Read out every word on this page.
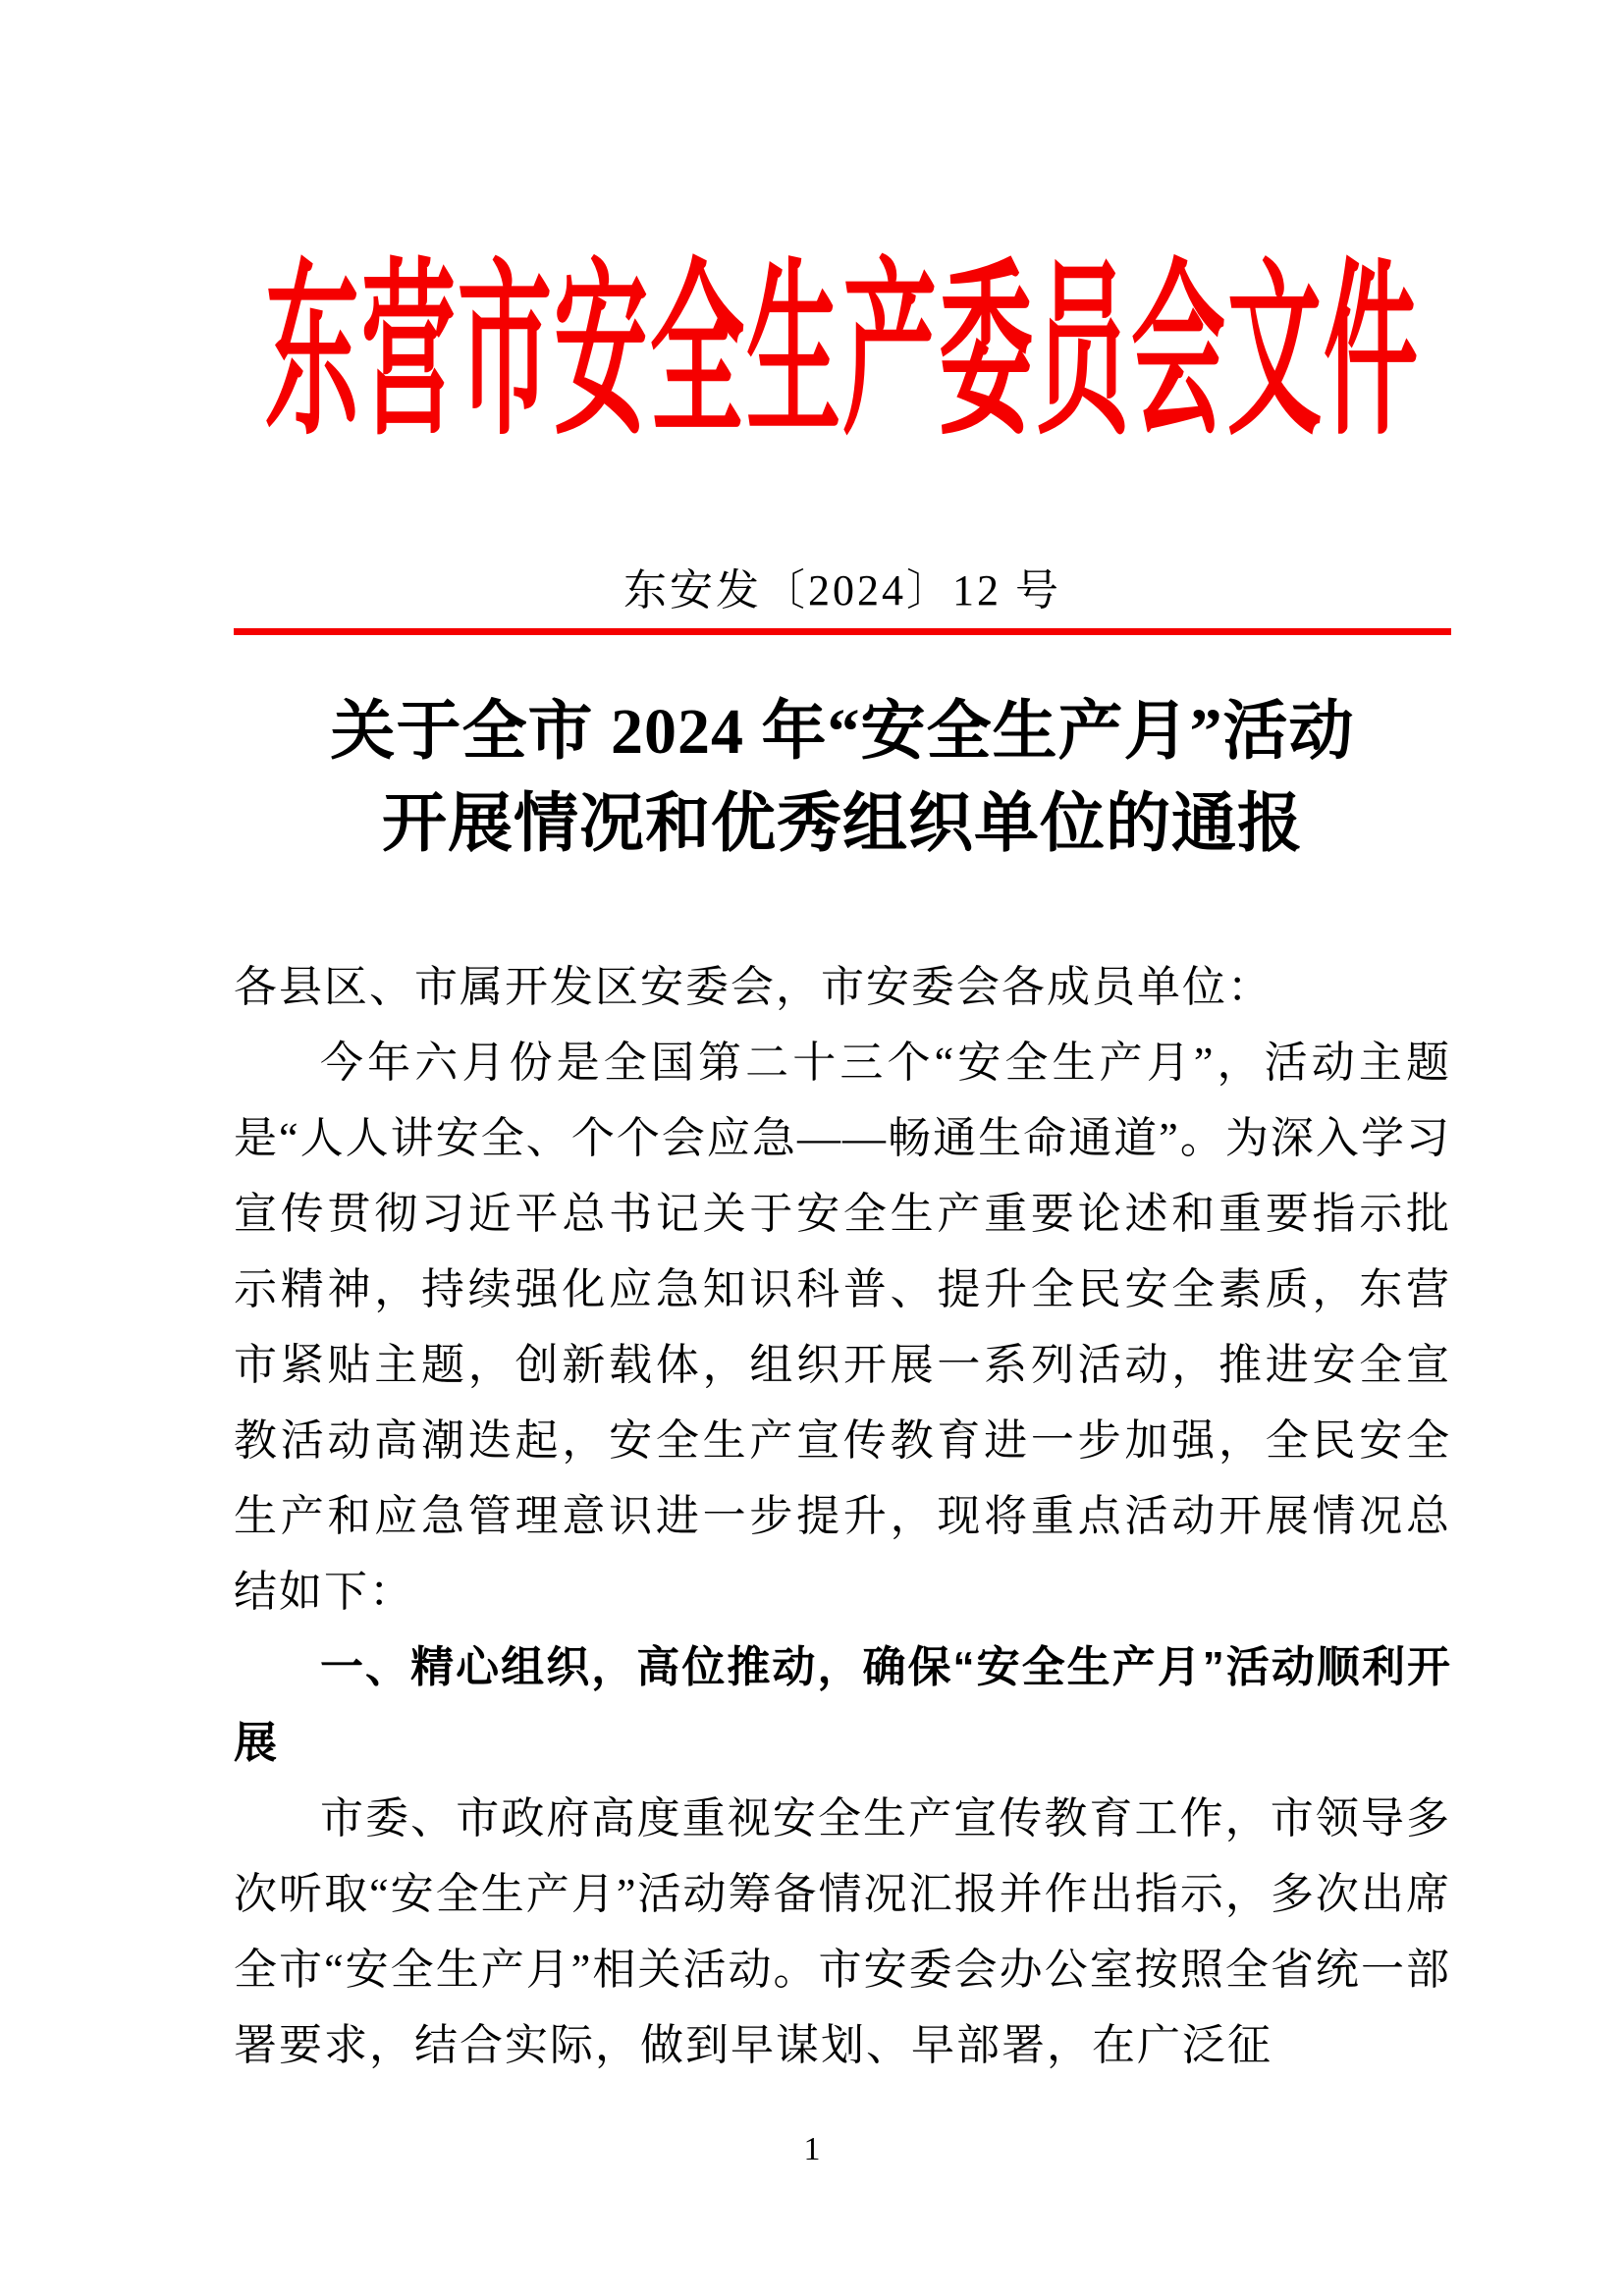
东营市安全生产委员会文件
东安发〔2024〕12 号
关于全市 2024 年“安全生产月”活动
开展情况和优秀组织单位的通报

各县区、市属开发区安委会，市安委会各成员单位：

今年六月份是全国第二十三个“安全生产月”，活动主题是“人人讲安全、个个会应急——畅通生命通道”。为深入学习宣传贯彻习近平总书记关于安全生产重要论述和重要指示批示精神，持续强化应急知识科普、提升全民安全素质，东营市紧贴主题，创新载体，组织开展一系列活动，推进安全宣教活动高潮迭起，安全生产宣传教育进一步加强，全民安全生产和应急管理意识进一步提升，现将重点活动开展情况总结如下：

一、精心组织，高位推动，确保“安全生产月”活动顺利开展

市委、市政府高度重视安全生产宣传教育工作，市领导多次听取“安全生产月”活动筹备情况汇报并作出指示，多次出席全市“安全生产月”相关活动。市安委会办公室按照全省统一部署要求，结合实际，做到早谋划、早部署，在广泛征

1
